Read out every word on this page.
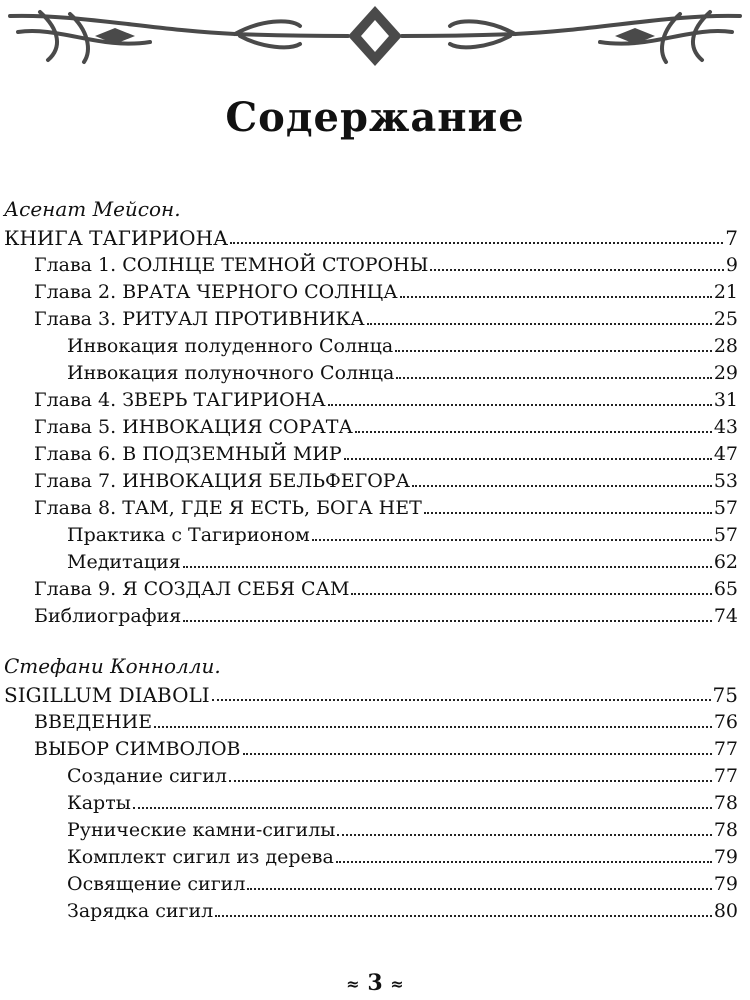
Содержание
Асенат Мейсон.
КНИГА ТАГИРИОНА	7
Глава 1. СОЛНЦЕ ТЕМНОЙ СТОРОНЫ	9
Глава 2. ВРАТА ЧЕРНОГО СОЛНЦА	21
Глава 3. РИТУАЛ ПРОТИВНИКА	25
Инвокация полуденного Солнца	28
Инвокация полуночного Солнца	29
Глава 4. ЗВЕРЬ ТАГИРИОНА	31
Глава 5. ИНВОКАЦИЯ СОРАТА	43
Глава 6. В ПОДЗЕМНЫЙ МИР	47
Глава 7. ИНВОКАЦИЯ БЕЛЬФЕГОРА	53
Глава 8. ТАМ, ГДЕ Я ЕСТЬ, БОГА НЕТ	57
Практика с Тагирионом	57
Медитация	62
Глава 9. Я СОЗДАЛ СЕБЯ САМ	65
Библиография	74
Стефани Коннолли.
SIGILLUM DIABOLI	75
ВВЕДЕНИЕ	76
ВЫБОР СИМВОЛОВ	77
Создание сигил	77
Карты	78
Рунические камни-сигилы	78
Комплект сигил из дерева	79
Освящение сигил	79
Зарядка сигил	80
≈ 3 ≈
